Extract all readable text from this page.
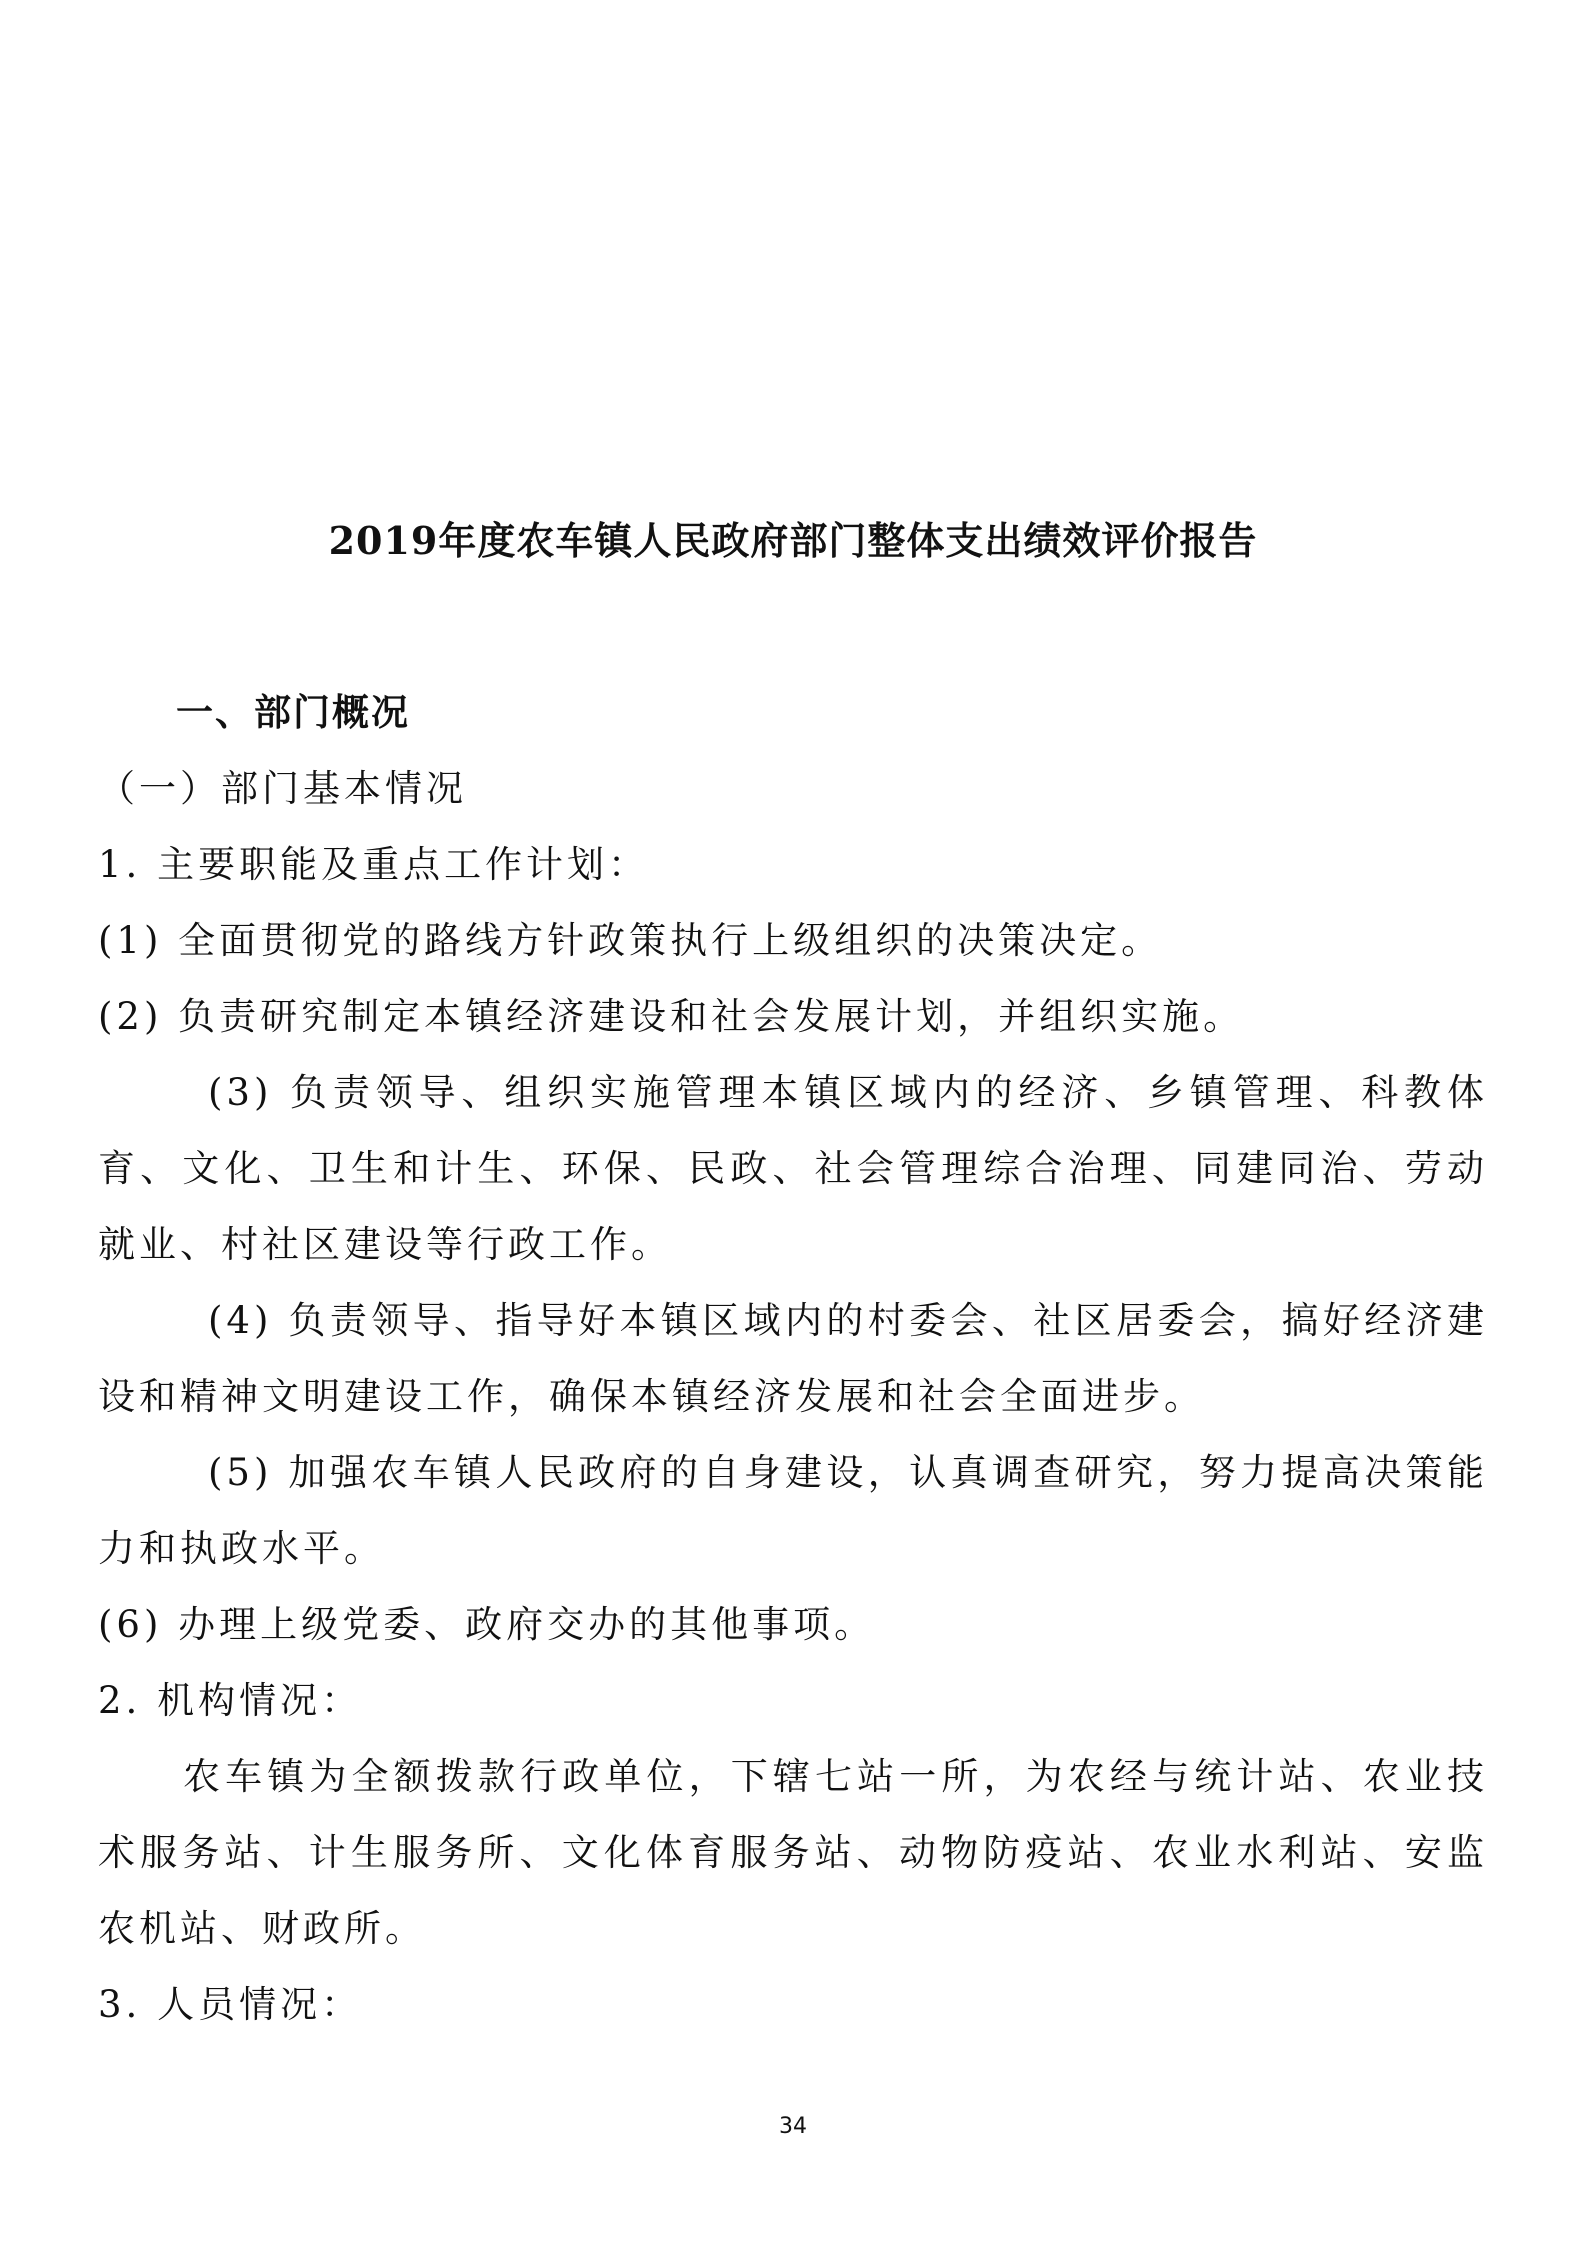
2019年度农车镇人民政府部门整体支出绩效评价报告

一、部门概况

（一）部门基本情况

1. 主要职能及重点工作计划：

(1) 全面贯彻党的路线方针政策执行上级组织的决策决定。

(2) 负责研究制定本镇经济建设和社会发展计划，并组织实施。

(3) 负责领导、组织实施管理本镇区域内的经济、乡镇管理、科教体育、文化、卫生和计生、环保、民政、社会管理综合治理、同建同治、劳动就业、村社区建设等行政工作。

(4) 负责领导、指导好本镇区域内的村委会、社区居委会，搞好经济建设和精神文明建设工作，确保本镇经济发展和社会全面进步。

(5) 加强农车镇人民政府的自身建设，认真调查研究，努力提高决策能力和执政水平。

(6) 办理上级党委、政府交办的其他事项。

2. 机构情况：

农车镇为全额拨款行政单位，下辖七站一所，为农经与统计站、农业技术服务站、计生服务所、文化体育服务站、动物防疫站、农业水利站、安监农机站、财政所。

3. 人员情况：

34
